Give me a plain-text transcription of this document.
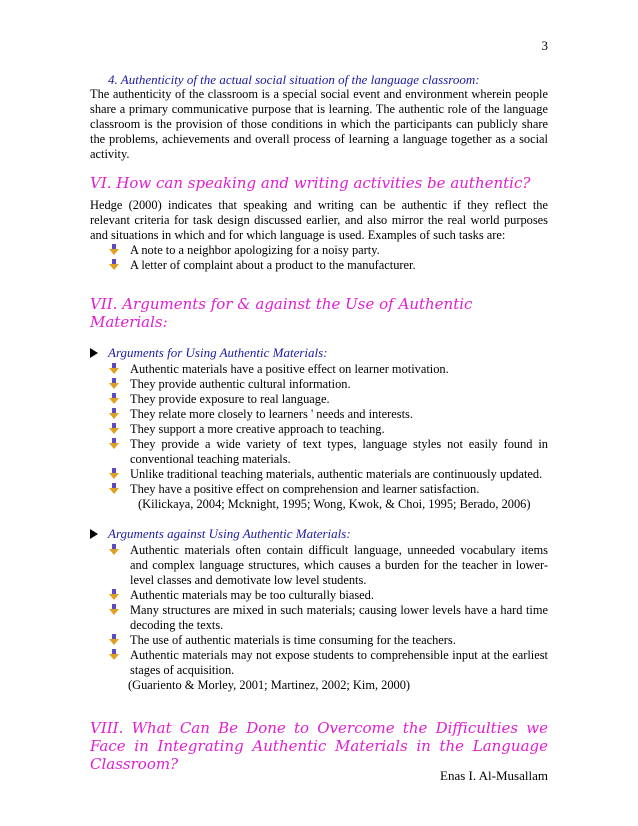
3
4. Authenticity of the actual social situation of the language classroom:
The authenticity of the classroom is a special social event and environment wherein people share a primary communicative purpose that is learning. The authentic role of the language classroom is the provision of those conditions in which the participants can publicly share the problems, achievements and overall process of learning a language together as a social activity.
VI. How can speaking and writing activities be authentic?
Hedge (2000) indicates that speaking and writing can be authentic if they reflect the relevant criteria for task design discussed earlier, and also mirror the real world purposes and situations in which and for which language is used. Examples of such tasks are:
A note to a neighbor apologizing for a noisy party.
A letter of complaint about a product to the manufacturer.
VII. Arguments for & against the Use of Authentic Materials:
Arguments for Using Authentic Materials:
Authentic materials have a positive effect on learner motivation.
They provide authentic cultural information.
They provide exposure to real language.
They relate more closely to learners ' needs and interests.
They support a more creative approach to teaching.
They provide a wide variety of text types, language styles not easily found in conventional teaching materials.
Unlike traditional teaching materials, authentic materials are continuously updated.
They have a positive effect on comprehension and learner satisfaction.
(Kilickaya, 2004; Mcknight, 1995; Wong, Kwok, & Choi, 1995; Berado, 2006)
Arguments against Using Authentic Materials:
Authentic materials often contain difficult language, unneeded vocabulary items and complex language structures, which causes a burden for the teacher in lower-level classes and demotivate low level students.
Authentic materials may be too culturally biased.
Many structures are mixed in such materials; causing lower levels have a hard time decoding the texts.
The use of authentic materials is time consuming for the teachers.
Authentic materials may not expose students to comprehensible input at the earliest stages of acquisition.
(Guariento & Morley, 2001; Martinez, 2002; Kim, 2000)
VIII. What Can Be Done to Overcome the Difficulties we Face in Integrating Authentic Materials in the Language Classroom?
Enas I. Al-Musallam
